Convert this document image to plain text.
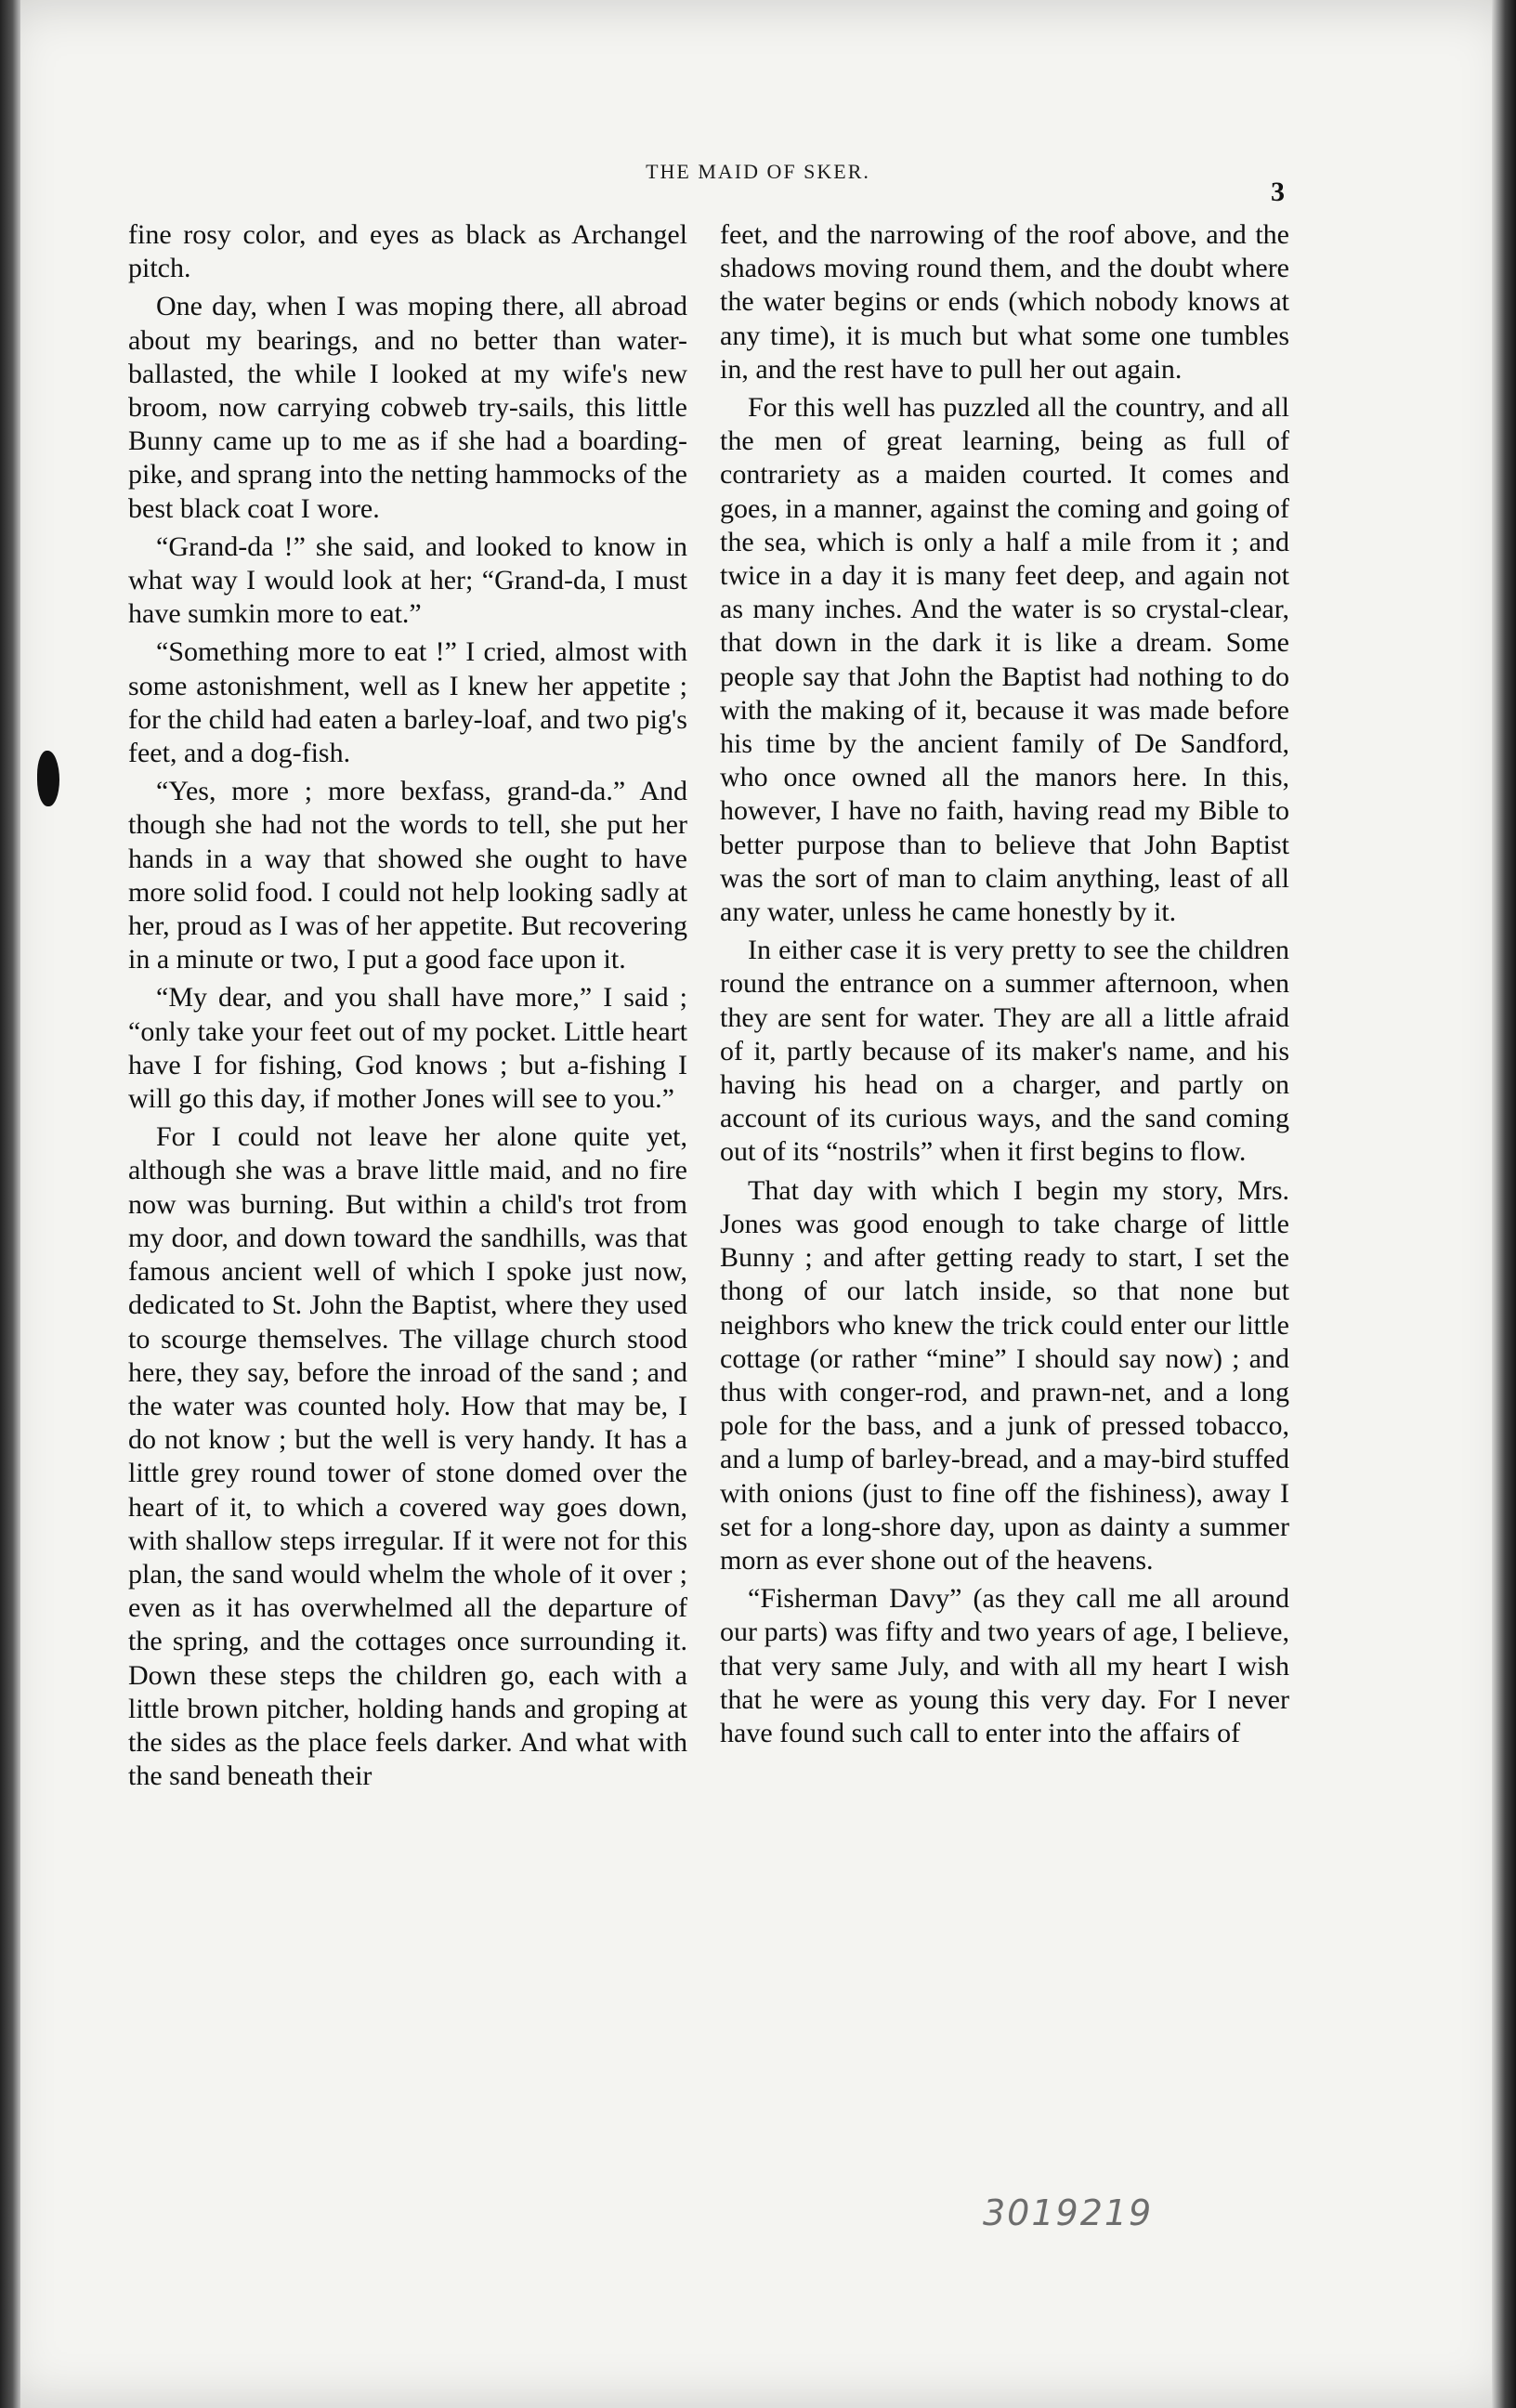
THE MAID OF SKER.
3

fine rosy color, and eyes as black as Archangel pitch.

One day, when I was moping there, all abroad about my bearings, and no better than water-ballasted, the while I looked at my wife's new broom, now carrying cobweb try-sails, this little Bunny came up to me as if she had a boarding-pike, and sprang into the netting hammocks of the best black coat I wore.

“Grand-da !” she said, and looked to know in what way I would look at her; “Grand-da, I must have sumkin more to eat.”

“Something more to eat !” I cried, almost with some astonishment, well as I knew her appetite ; for the child had eaten a barley-loaf, and two pig's feet, and a dog-fish.

“Yes, more ; more bexfass, grand-da.” And though she had not the words to tell, she put her hands in a way that showed she ought to have more solid food. I could not help looking sadly at her, proud as I was of her appetite. But recovering in a minute or two, I put a good face upon it.

“My dear, and you shall have more,” I said ; “only take your feet out of my pocket. Little heart have I for fishing, God knows ; but a-fishing I will go this day, if mother Jones will see to you.”

For I could not leave her alone quite yet, although she was a brave little maid, and no fire now was burning. But within a child's trot from my door, and down toward the sandhills, was that famous ancient well of which I spoke just now, dedicated to St. John the Baptist, where they used to scourge themselves. The village church stood here, they say, before the inroad of the sand ; and the water was counted holy. How that may be, I do not know ; but the well is very handy. It has a little grey round tower of stone domed over the heart of it, to which a covered way goes down, with shallow steps irregular. If it were not for this plan, the sand would whelm the whole of it over ; even as it has overwhelmed all the departure of the spring, and the cottages once surrounding it. Down these steps the children go, each with a little brown pitcher, holding hands and groping at the sides as the place feels darker. And what with the sand beneath their

feet, and the narrowing of the roof above, and the shadows moving round them, and the doubt where the water begins or ends (which nobody knows at any time), it is much but what some one tumbles in, and the rest have to pull her out again.

For this well has puzzled all the country, and all the men of great learning, being as full of contrariety as a maiden courted. It comes and goes, in a manner, against the coming and going of the sea, which is only a half a mile from it ; and twice in a day it is many feet deep, and again not as many inches. And the water is so crystal-clear, that down in the dark it is like a dream. Some people say that John the Baptist had nothing to do with the making of it, because it was made before his time by the ancient family of De Sandford, who once owned all the manors here. In this, however, I have no faith, having read my Bible to better purpose than to believe that John Baptist was the sort of man to claim anything, least of all any water, unless he came honestly by it.

In either case it is very pretty to see the children round the entrance on a summer afternoon, when they are sent for water. They are all a little afraid of it, partly because of its maker's name, and his having his head on a charger, and partly on account of its curious ways, and the sand coming out of its “nostrils” when it first begins to flow.

That day with which I begin my story, Mrs. Jones was good enough to take charge of little Bunny ; and after getting ready to start, I set the thong of our latch inside, so that none but neighbors who knew the trick could enter our little cottage (or rather “mine” I should say now) ; and thus with conger-rod, and prawn-net, and a long pole for the bass, and a junk of pressed tobacco, and a lump of barley-bread, and a may-bird stuffed with onions (just to fine off the fishiness), away I set for a long-shore day, upon as dainty a summer morn as ever shone out of the heavens.

“Fisherman Davy” (as they call me all around our parts) was fifty and two years of age, I believe, that very same July, and with all my heart I wish that he were as young this very day. For I never have found such call to enter into the affairs of

3019219
